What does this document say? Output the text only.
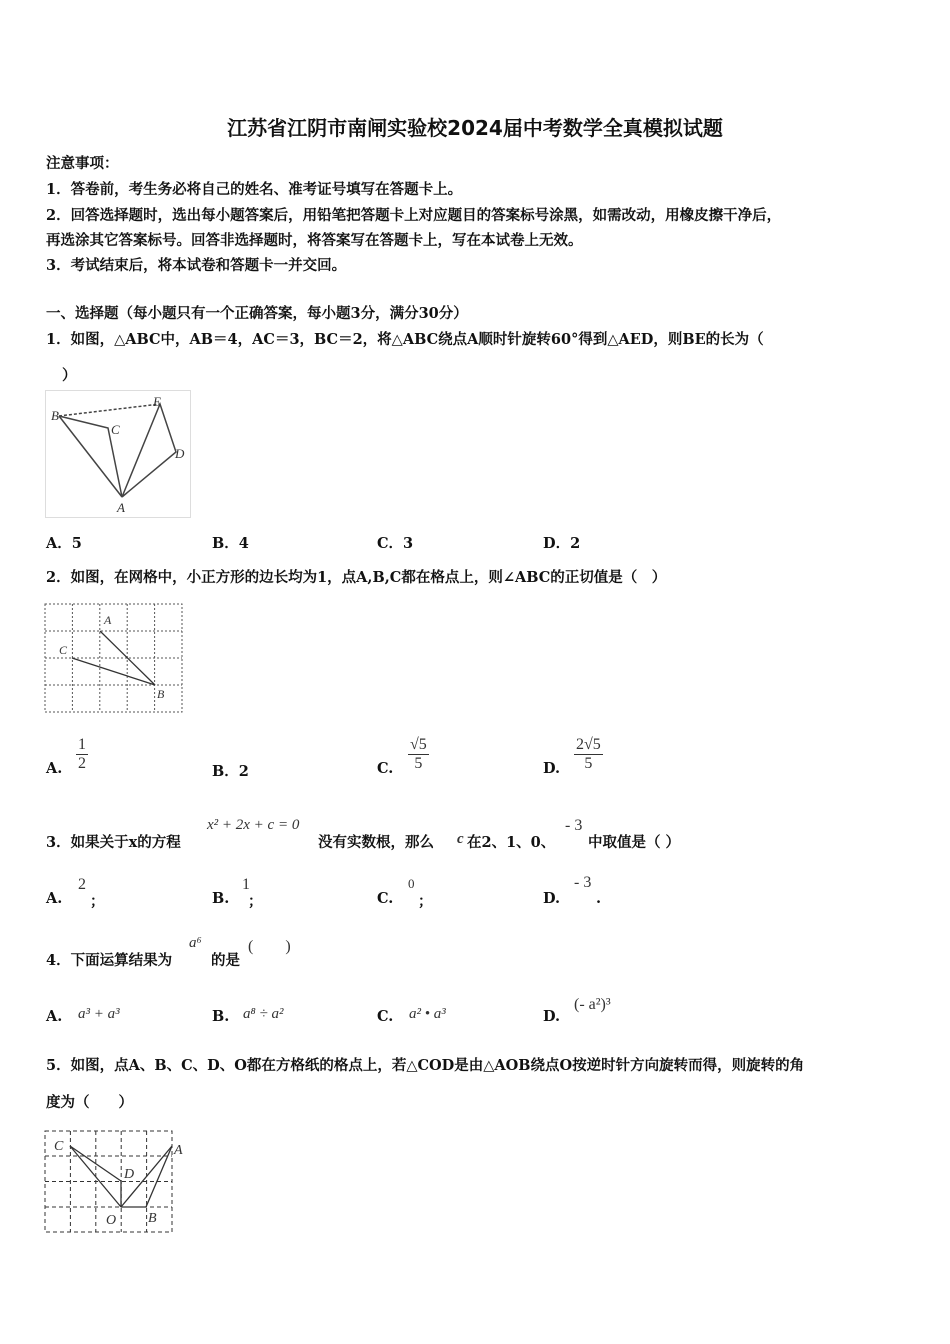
江苏省江阴市南闸实验校2024届中考数学全真模拟试题
注意事项：
1．答卷前，考生务必将自己的姓名、准考证号填写在答题卡上。
2．回答选择题时，选出每小题答案后，用铅笔把答题卡上对应题目的答案标号涂黑，如需改动，用橡皮擦干净后，
再选涂其它答案标号。回答非选择题时，将答案写在答题卡上，写在本试卷上无效。
3．考试结束后，将本试卷和答题卡一并交回。
一、选择题（每小题只有一个正确答案，每小题3分，满分30分）
1．如图，△ABC中，AB＝4，AC＝3，BC＝2，将△ABC绕点A顺时针旋转60°得到△AED，则BE的长为（
）
B
C
E
D
A
A．5	B．4	C．3	D．2
2．如图，在网格中，小正方形的边长均为1，点A,B,C都在格点上，则∠ABC的正切值是（　）
A
C
B
A. $\frac{1}{2}$	B．2	C. $\frac{√5}{5}$	D. $\frac{2√5}{5}$
3．如果关于x的方程
x² + 2x + c = 0
没有实数根，那么 c 在2、1、0、
- 3
中取值是（ ）
A.
2
；	B.
1
；	C.
0
；	D.
- 3
.
4．下面运算结果为
a⁶
的是
(　　)
A. a³ + a³	B. a⁸ ÷ a²	C. a² • a³	D.
(- a²)³
5．如图，点A、B、C、D、O都在方格纸的格点上，若△COD是由△AOB绕点O按逆时针方向旋转而得，则旋转的角
度为（　　）
C	A
D
O B
